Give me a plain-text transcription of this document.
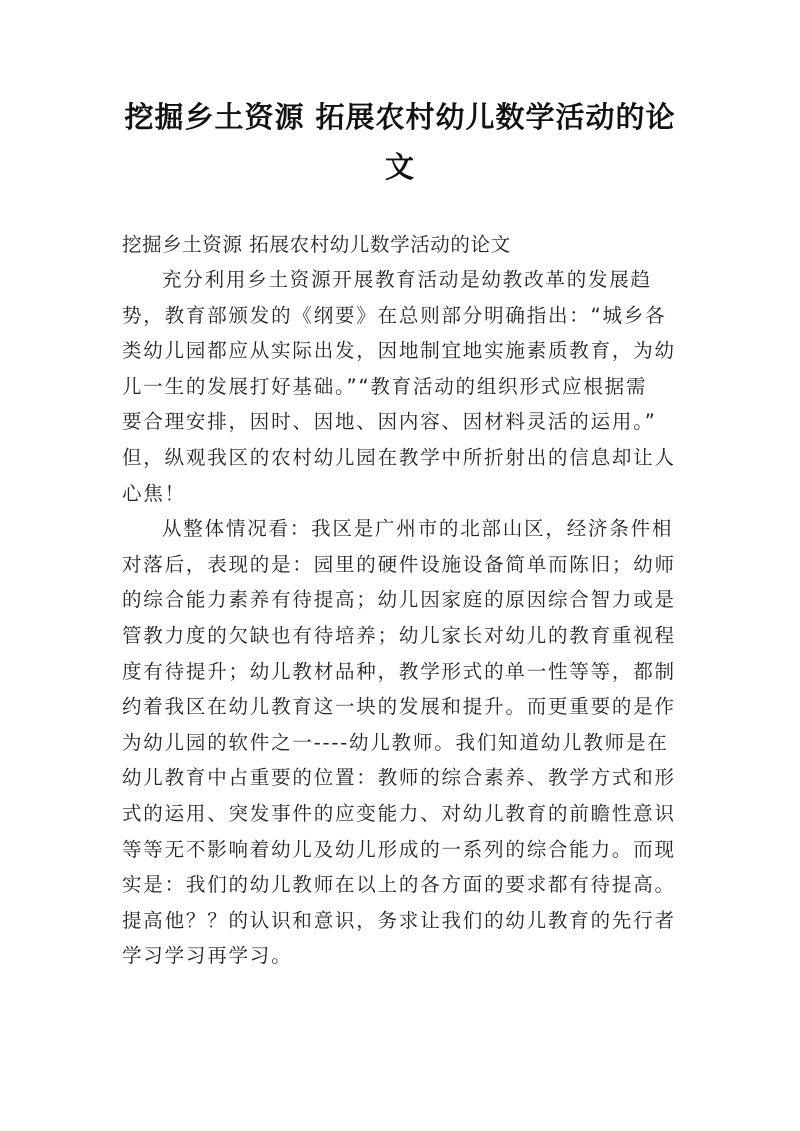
挖掘乡土资源 拓展农村幼儿数学活动的论
文
挖掘乡土资源 拓展农村幼儿数学活动的论文
充分利用乡土资源开展教育活动是幼教改革的发展趋
势，教育部颁发的《纲要》在总则部分明确指出：“城乡各
类幼儿园都应从实际出发，因地制宜地实施素质教育，为幼
儿一生的发展打好基础。”“教育活动的组织形式应根据需
要合理安排，因时、因地、因内容、因材料灵活的运用。”
但，纵观我区的农村幼儿园在教学中所折射出的信息却让人
心焦！
从整体情况看：我区是广州市的北部山区，经济条件相
对落后，表现的是：园里的硬件设施设备简单而陈旧；幼师
的综合能力素养有待提高；幼儿因家庭的原因综合智力或是
管教力度的欠缺也有待培养；幼儿家长对幼儿的教育重视程
度有待提升；幼儿教材品种，教学形式的单一性等等，都制
约着我区在幼儿教育这一块的发展和提升。而更重要的是作
为幼儿园的软件之一----幼儿教师。我们知道幼儿教师是在
幼儿教育中占重要的位置：教师的综合素养、教学方式和形
式的运用、突发事件的应变能力、对幼儿教育的前瞻性意识
等等无不影响着幼儿及幼儿形成的一系列的综合能力。而现
实是：我们的幼儿教师在以上的各方面的要求都有待提高。
提高他？？的认识和意识，务求让我们的幼儿教育的先行者
学习学习再学习。
